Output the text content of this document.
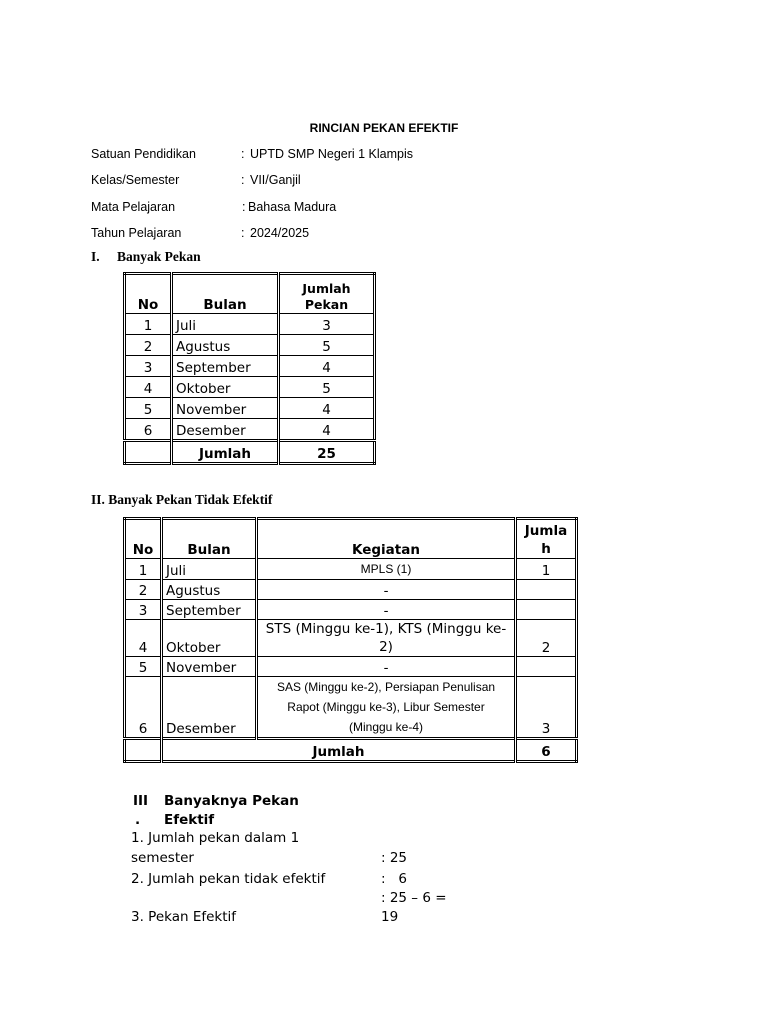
RINCIAN PEKAN EFEKTIF
Satuan Pendidikan	: UPTD SMP Negeri 1 Klampis
Kelas/Semester	: VII/Ganjil
Mata Pelajaran	: Bahasa Madura
Tahun Pelajaran	: 2024/2025
I. Banyak Pekan
No	Bulan	Jumlah Pekan
1	Juli	3
2	Agustus	5
3	September	4
4	Oktober	5
5	November	4
6	Desember	4
	Jumlah	25
II. Banyak Pekan Tidak Efektif
No	Bulan	Kegiatan	Jumla h
1	Juli	MPLS (1)	1
2	Agustus	-	
3	September	-	
4	Oktober	STS (Minggu ke-1), KTS (Minggu ke-2)	2
5	November	-	
6	Desember	SAS (Minggu ke-2), Persiapan Penulisan Rapot (Minggu ke-3), Libur Semester (Minggu ke-4)	3
	Jumlah		6
III
.
Banyaknya Pekan
Efektif
1. Jumlah pekan dalam 1
semester	: 25
2. Jumlah pekan tidak efektif	:   6
: 25 – 6 =
3. Pekan Efektif	19
